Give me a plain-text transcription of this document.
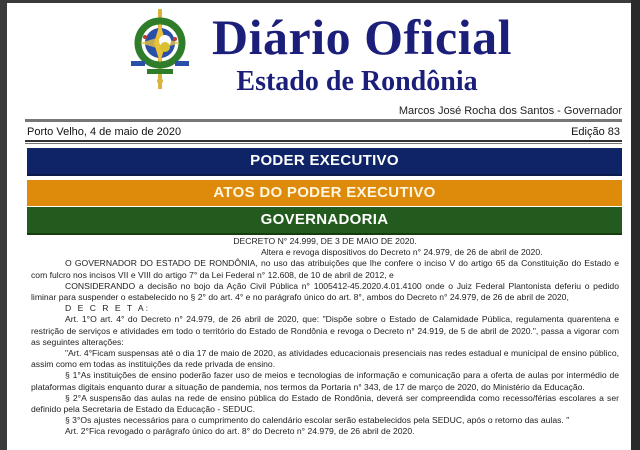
Diário Oficial
Estado de Rondônia
Marcos José Rocha dos Santos - Governador
Porto Velho, 4 de maio de 2020	Edição 83
PODER EXECUTIVO
ATOS DO PODER EXECUTIVO
GOVERNADORIA

DECRETO N° 24.999, DE 3 DE MAIO DE 2020.

Altera e revoga dispositivos do Decreto n° 24.979, de 26 de abril de 2020.

O GOVERNADOR DO ESTADO DE RONDÔNIA, no uso das atribuições que lhe confere o inciso V do artigo 65 da Constituição do Estado e com fulcro nos incisos VII e VIII do artigo 7° da Lei Federal n° 12.608, de 10 de abril de 2012, e

CONSIDERANDO a decisão no bojo da Ação Civil Pública n° 1005412-45.2020.4.01.4100 onde o Juiz Federal Plantonista deferiu o pedido liminar para suspender o estabelecido no § 2° do art. 4° e no parágrafo único do art. 8°, ambos do Decreto n° 24.979, de 26 de abril de 2020,

D E C R E T A:

Art. 1°O art. 4° do Decreto n° 24.979, de 26 abril de 2020, que: "Dispõe sobre o Estado de Calamidade Pública, regulamenta quarentena e restrição de serviços e atividades em todo o território do Estado de Rondônia e revoga o Decreto n° 24.919, de 5 de abril de 2020.", passa a vigorar com as seguintes alterações:

"Art. 4°Ficam suspensas até o dia 17 de maio de 2020, as atividades educacionais presenciais nas redes estadual e municipal de ensino público, assim como em todas as instituições da rede privada de ensino.

§ 1°As instituições de ensino poderão fazer uso de meios e tecnologias de informação e comunicação para a oferta de aulas por intermédio de plataformas digitais enquanto durar a situação de pandemia, nos termos da Portaria n° 343, de 17 de março de 2020, do Ministério da Educação.

§ 2°A suspensão das aulas na rede de ensino pública do Estado de Rondônia, deverá ser compreendida como recesso/férias escolares a ser definido pela Secretaria de Estado da Educação - SEDUC.

§ 3°Os ajustes necessários para o cumprimento do calendário escolar serão estabelecidos pela SEDUC, após o retorno das aulas. "

Art. 2°Fica revogado o parágrafo único do art. 8° do Decreto n° 24.979, de 26 abril de 2020.
